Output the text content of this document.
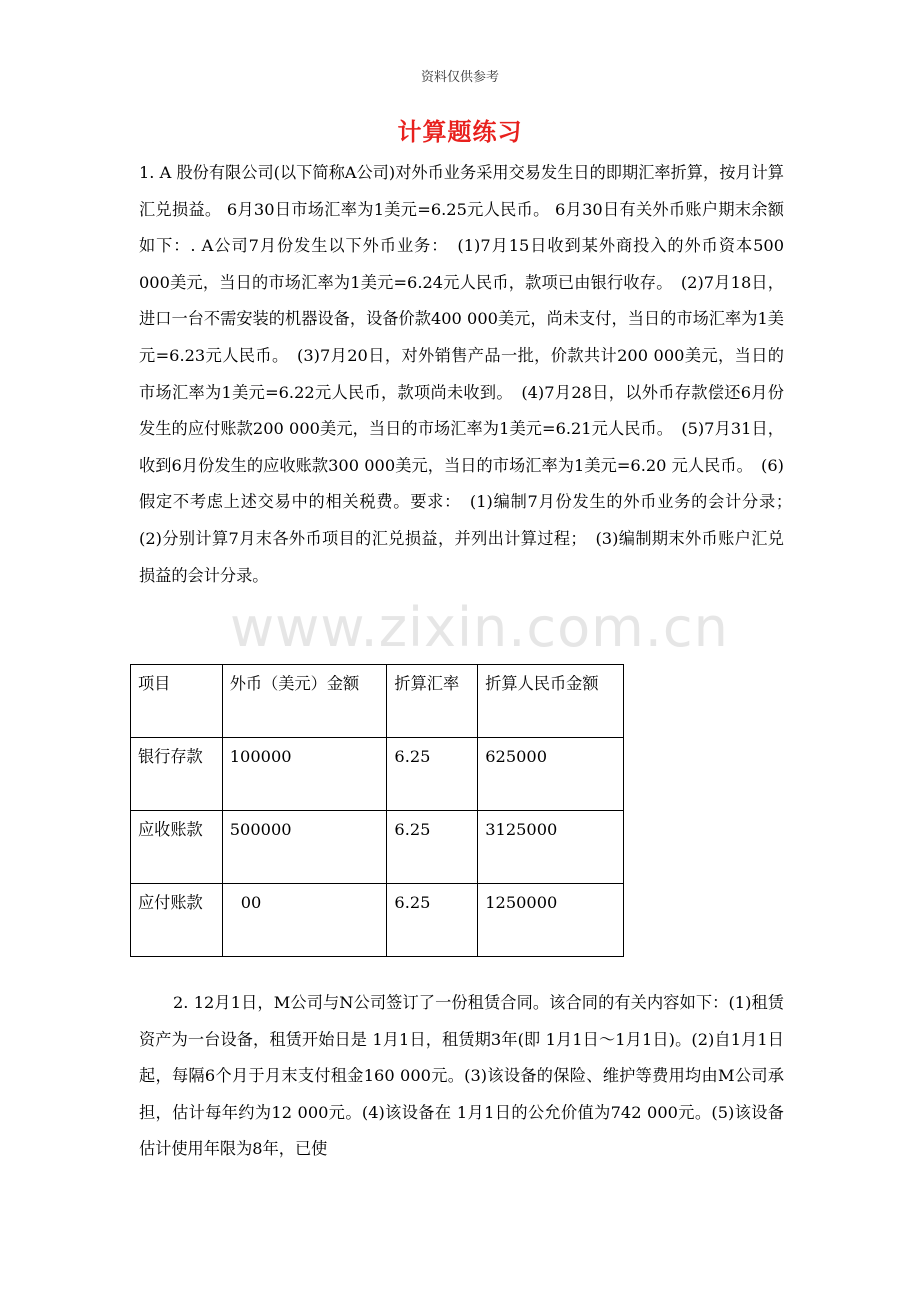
资料仅供参考
计算题练习
www.zixin.com.cn
1. A 股份有限公司(以下简称A公司)对外币业务采用交易发生日的即期汇率折算，按月计算汇兑损益。 6月30日市场汇率为1美元=6.25元人民币。 6月30日有关外币账户期末余额如下：. A公司7月份发生以下外币业务：　(1)7月15日收到某外商投入的外币资本500 000美元，当日的市场汇率为1美元=6.24元人民币，款项已由银行收存。　(2)7月18日，进口一台不需安装的机器设备，设备价款400 000美元，尚未支付，当日的市场汇率为1美元=6.23元人民币。　(3)7月20日，对外销售产品一批，价款共计200 000美元，当日的市场汇率为1美元=6.22元人民币，款项尚未收到。　(4)7月28日，以外币存款偿还6月份发生的应付账款200 000美元，当日的市场汇率为1美元=6.21元人民币。　(5)7月31日，收到6月份发生的应收账款300 000美元，当日的市场汇率为1美元=6.20 元人民币。　(6)假定不考虑上述交易中的相关税费。要求：　(1)编制7月份发生的外币业务的会计分录；　(2)分别计算7月末各外币项目的汇兑损益，并列出计算过程；　(3)编制期末外币账户汇兑损益的会计分录。
项目	外币（美元）金额	折算汇率	折算人民币金额
银行存款	100000	6.25	625000
应收账款	500000	6.25	3125000
应付账款	00	6.25	1250000
2. 12月1日，M公司与N公司签订了一份租赁合同。该合同的有关内容如下：(1)租赁资产为一台设备，租赁开始日是 1月1日，租赁期3年(即 1月1日～1月1日)。(2)自1月1日起，每隔6个月于月末支付租金160 000元。(3)该设备的保险、维护等费用均由M公司承担，估计每年约为12 000元。(4)该设备在 1月1日的公允价值为742 000元。(5)该设备估计使用年限为8年，已使
